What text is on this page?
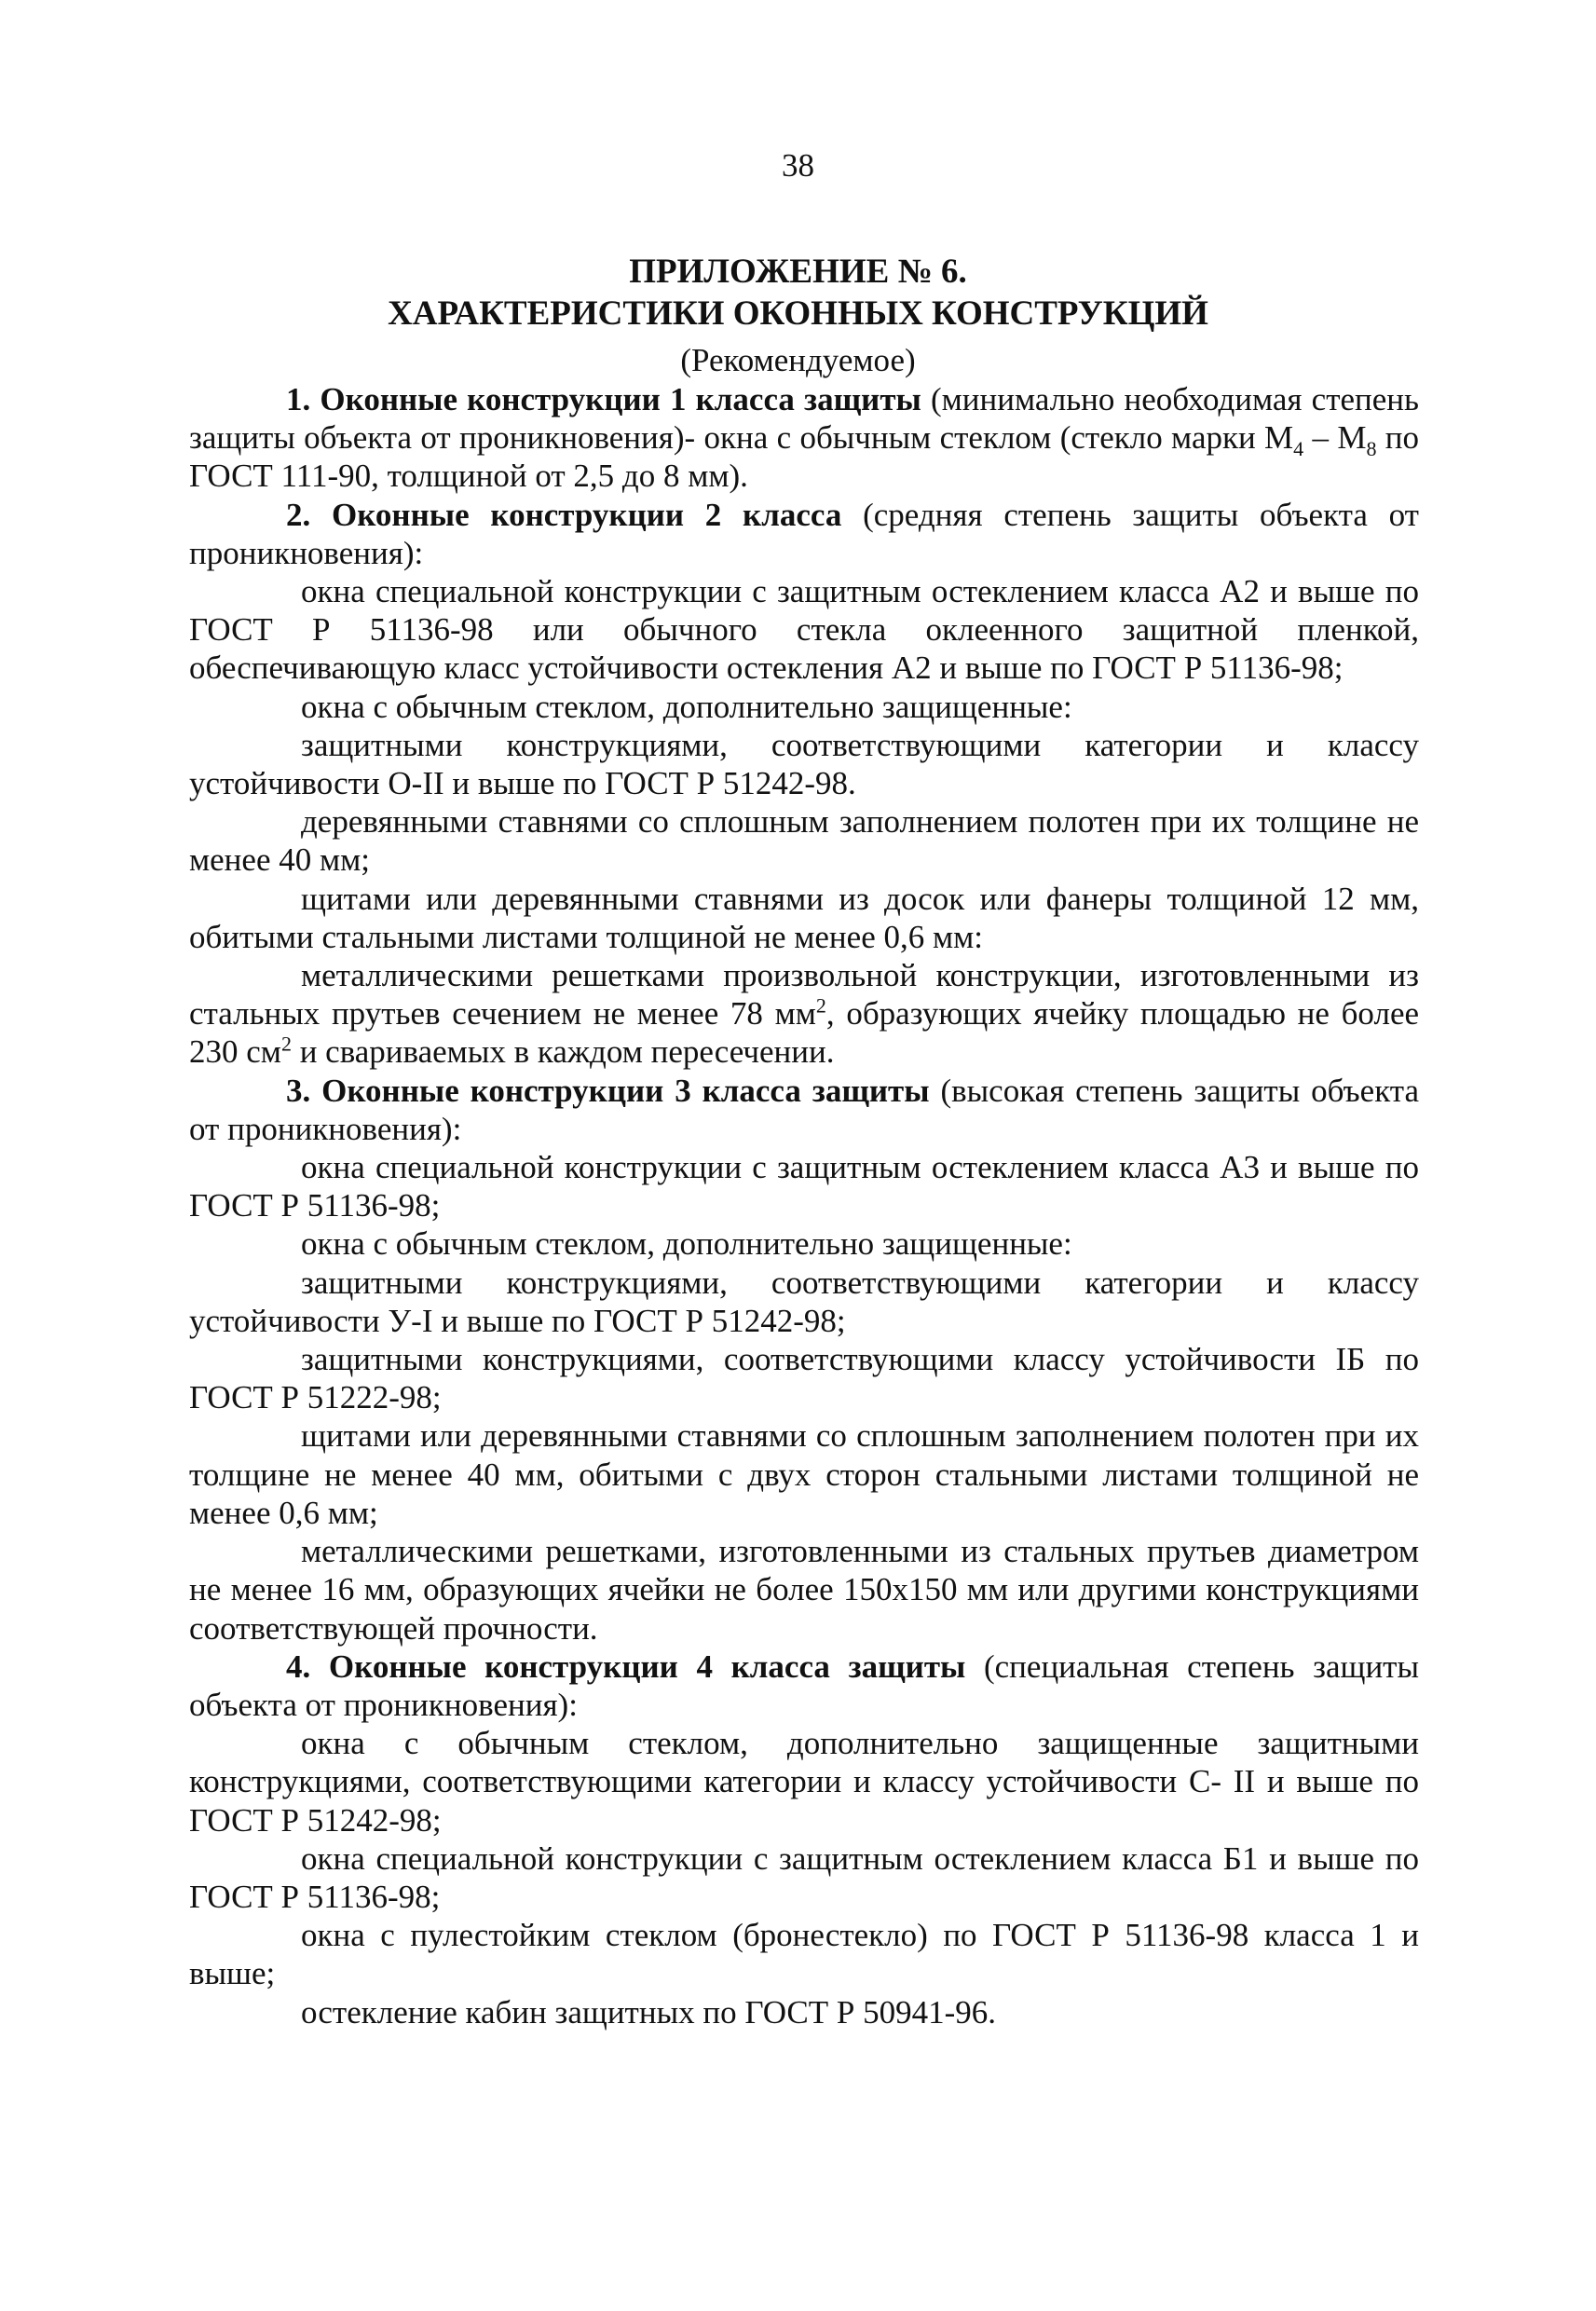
38
ПРИЛОЖЕНИЕ № 6.
ХАРАКТЕРИСТИКИ ОКОННЫХ КОНСТРУКЦИЙ
(Рекомендуемое)

1. Оконные конструкции 1 класса защиты (минимально необходимая степень защиты объекта от проникновения)- окна с обычным стеклом (стекло марки $М_4 - М_8$ по ГОСТ 111-90, толщиной от 2,5 до 8 мм).

2. Оконные конструкции 2 класса (средняя степень защиты объекта от проникновения):

окна специальной конструкции с защитным остеклением класса А2 и выше по ГОСТ Р 51136-98 или обычного стекла оклеенного защитной пленкой, обеспечивающую класс устойчивости остекления А2 и выше по ГОСТ Р 51136-98;

окна с обычным стеклом, дополнительно защищенные:

защитными конструкциями, соответствующими категории и классу устойчивости О-II и выше по ГОСТ Р 51242-98.

деревянными ставнями со сплошным заполнением полотен при их толщине не менее 40 мм;

щитами или деревянными ставнями из досок или фанеры толщиной 12 мм, обитыми стальными листами толщиной не менее 0,6 мм:

металлическими решетками произвольной конструкции, изготовленными из стальных прутьев сечением не менее 78 $мм^2$, образующих ячейку площадью не более 230 $см^2$ и свариваемых в каждом пересечении.

3. Оконные конструкции 3 класса защиты (высокая степень защиты объекта от проникновения):

окна специальной конструкции с защитным остеклением класса А3 и выше по ГОСТ Р 51136-98;

окна с обычным стеклом, дополнительно защищенные:

защитными конструкциями, соответствующими категории и классу устойчивости У-I и выше по ГОСТ Р 51242-98;

защитными конструкциями, соответствующими классу устойчивости IБ по ГОСТ Р 51222-98;

щитами или деревянными ставнями со сплошным заполнением полотен при их толщине не менее 40 мм, обитыми с двух сторон стальными листами толщиной не менее 0,6 мм;

металлическими решетками, изготовленными из стальных прутьев диаметром не менее 16 мм, образующих ячейки не более 150х150 мм или другими конструкциями соответствующей прочности.

4. Оконные конструкции 4 класса защиты (специальная степень защиты объекта от проникновения):

окна с обычным стеклом, дополнительно защищенные защитными конструкциями, соответствующими категории и классу устойчивости С- II и выше по ГОСТ Р 51242-98;

окна специальной конструкции с защитным остеклением класса Б1 и выше по ГОСТ Р 51136-98;

окна с пулестойким стеклом (бронестекло) по ГОСТ Р 51136-98 класса 1 и выше;

остекление кабин защитных по ГОСТ Р 50941-96.
